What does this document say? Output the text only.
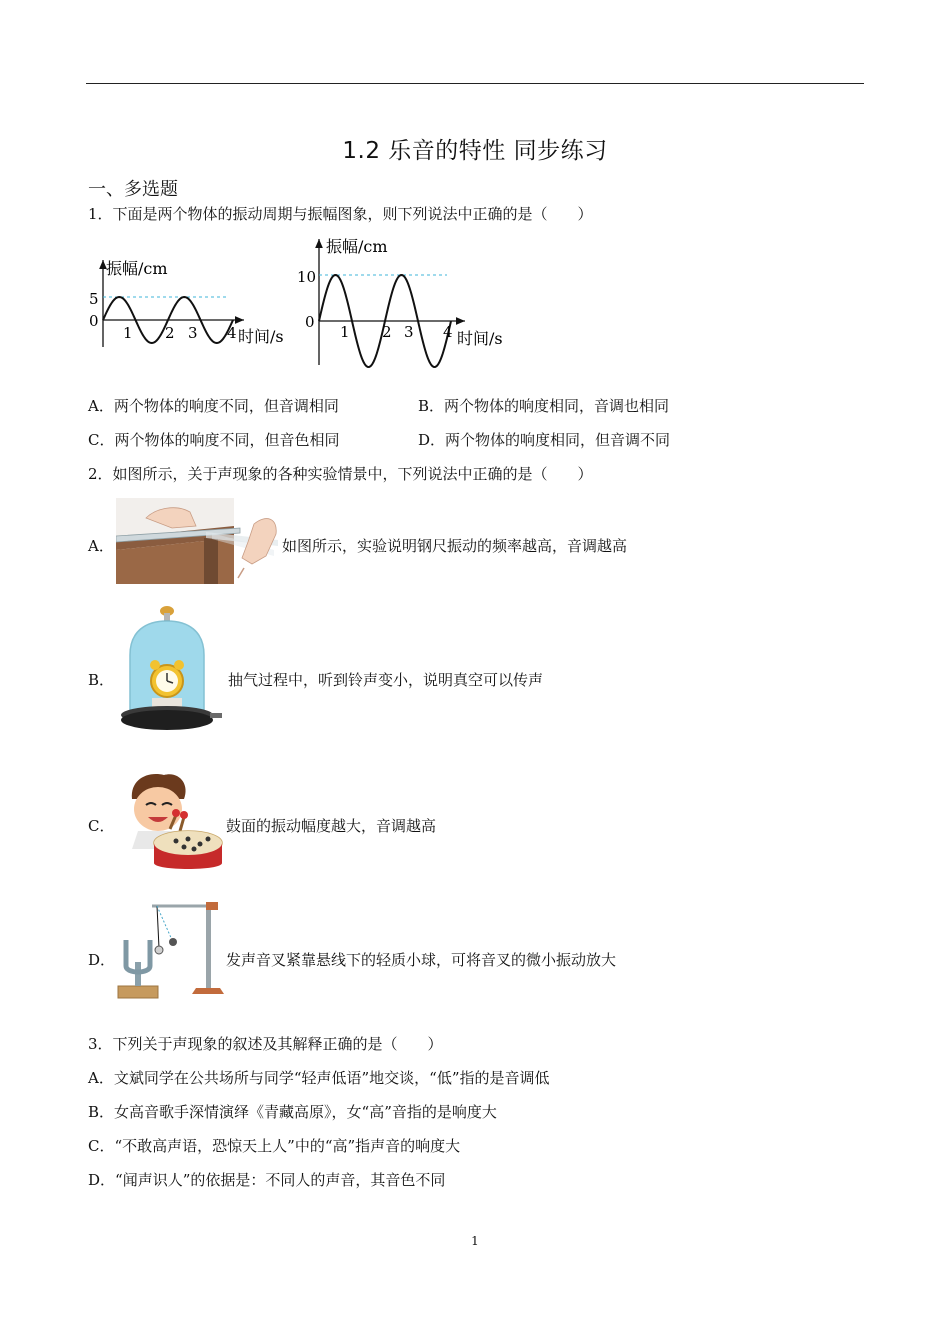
1.2 乐音的特性 同步练习
一、多选题
1．下面是两个物体的振动周期与振幅图象，则下列说法中正确的是（　　）
振幅/cm
5
0
1 2 3 4 时间/s
振幅/cm
10
0
1 2 3 4 时间/s
A．两个物体的响度不同，但音调相同	B．两个物体的响度相同，音调也相同
C．两个物体的响度不同，但音色相同	D．两个物体的响度相同，但音调不同
2．如图所示，关于声现象的各种实验情景中，下列说法中正确的是（　　）
A．	如图所示，实验说明钢尺振动的频率越高，音调越高
B．	抽气过程中，听到铃声变小，说明真空可以传声
C．	鼓面的振动幅度越大，音调越高
D．	发声音叉紧靠悬线下的轻质小球，可将音叉的微小振动放大
3．下列关于声现象的叙述及其解释正确的是（　　）
A．文斌同学在公共场所与同学“轻声低语”地交谈，“低”指的是音调低
B．女高音歌手深情演绎《青藏高原》，女“高”音指的是响度大
C．“不敢高声语，恐惊天上人”中的“高”指声音的响度大
D．“闻声识人”的依据是：不同人的声音，其音色不同
1
